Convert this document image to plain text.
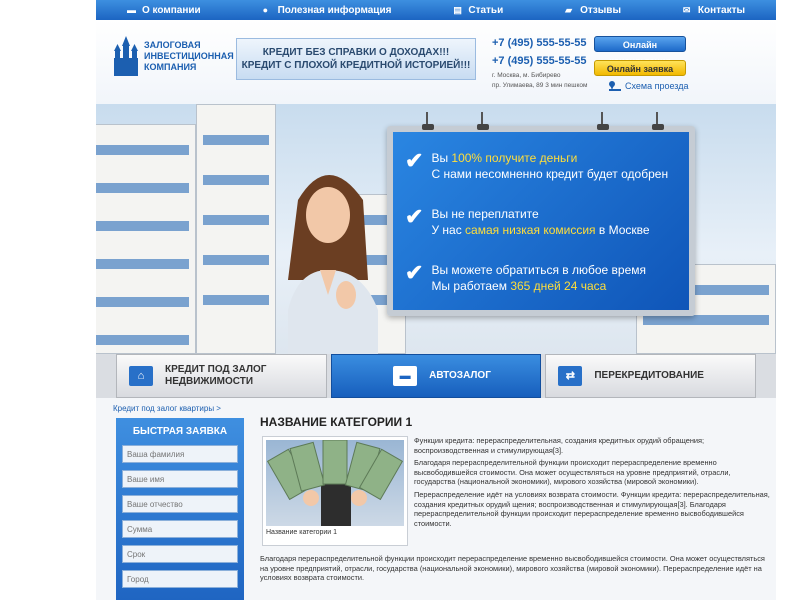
▬ О компании	● Полезная информация	▤ Статьи	▰ Отзывы	✉ Контакты
ЗАЛОГОВАЯ
ИНВЕСТИЦИОННАЯ
КОМПАНИЯ
КРЕДИТ БЕЗ СПРАВКИ О ДОХОДАХ!!!
КРЕДИТ С ПЛОХОЙ КРЕДИТНОЙ ИСТОРИЕЙ!!!
+7 (495) 555-55-55
+7 (495) 555-55-55
г. Москва, м. Бибирево
пр. Улимаева, 89 3 мин пешком
Онлайн
Онлайн заявка
Схема проезда
✔ Вы 100% получите деньги
С нами несомненно кредит будет одобрен
✔ Вы не переплатите
У нас самая низкая комиссия в Москве
✔ Вы можете обратиться в любое время
Мы работаем 365 дней 24 часа
⌂
КРЕДИТ ПОД ЗАЛОГ
НЕДВИЖИМОСТИ	▬	АВТОЗАЛОГ	⇄	ПЕРЕКРЕДИТОВАНИЕ
Кредит под залог квартиры >
БЫСТРАЯ ЗАЯВКА
Ваша фамилия
Ваше имя
Ваше отчество
Сумма
Срок
Город
НАЗВАНИЕ КАТЕГОРИИ 1
Название категории 1

Функции кредита: перераспределительная, создания кредитных орудий обращения; воспроизводственная и стимулирующая[3].

Благодаря перераспределительной функции происходит перераспределение временно высвободившейся стоимости. Она может осуществляться на уровне предприятий, отрасли, государства (национальной экономики), мирового хозяйства (мировой экономики).

Перераспределение идёт на условиях возврата стоимости. Функции кредита: перераспределительная, создания кредитных орудий щения; воспроизводственная и стимулирующая[3]. Благодаря перераспределительной функции происходит перераспределение временно высвободившейся стоимости.

Благодаря перераспределительной функции происходит перераспределение временно высвободившейся стоимости. Она может осуществляться на уровне предприятий, отрасли, государства (национальной экономики), мирового хозяйства (мировой экономики). Перераспределение идёт на условиях возврата стоимости.
